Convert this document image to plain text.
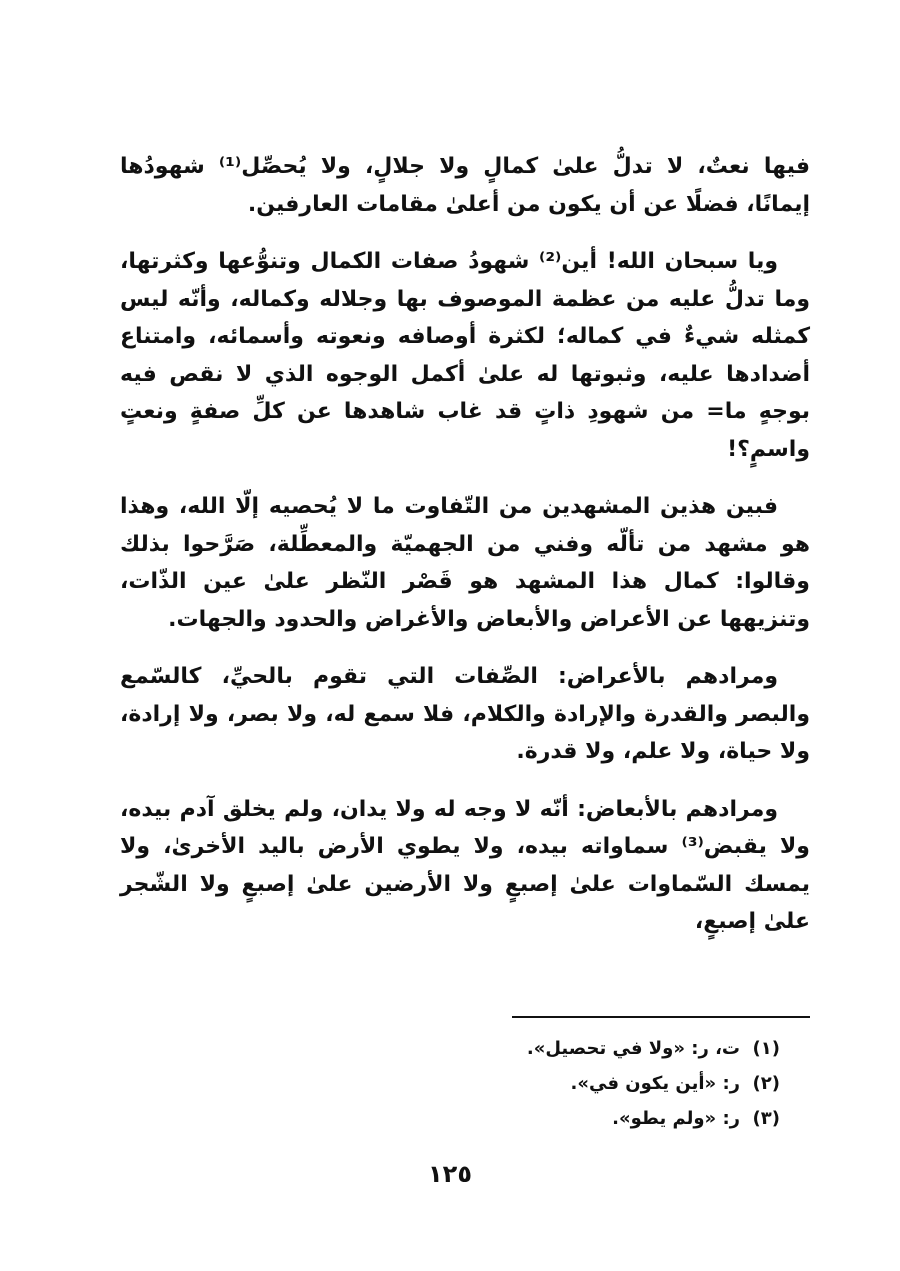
فيها نعتٌ، لا تدلُّ علىٰ كمالٍ ولا جلالٍ، ولا يُحصِّل⁽¹⁾ شهودُها إيمانًا، فضلًا عن أن يكون من أعلىٰ مقامات العارفين.

ويا سبحان الله! أين⁽²⁾ شهودُ صفات الكمال وتنوُّعها وكثرتها، وما تدلُّ عليه من عظمة الموصوف بها وجلاله وكماله، وأنّه ليس كمثله شيءٌ في كماله؛ لكثرة أوصافه ونعوته وأسمائه، وامتناع أضدادها عليه، وثبوتها له علىٰ أكمل الوجوه الذي لا نقص فيه بوجهٍ ما= من شهودِ ذاتٍ قد غاب شاهدها عن كلِّ صفةٍ ونعتٍ واسمٍ؟!

فبين هذين المشهدين من التّفاوت ما لا يُحصيه إلّا الله، وهذا هو مشهد من تألّه وفني من الجهميّة والمعطِّلة، صَرَّحوا بذلك وقالوا: كمال هذا المشهد هو قَصْر النّظر علىٰ عين الذّات، وتنزيهها عن الأعراض والأبعاض والأغراض والحدود والجهات.

ومرادهم بالأعراض: الصِّفات التي تقوم بالحيِّ، كالسّمع والبصر والقدرة والإرادة والكلام، فلا سمع له، ولا بصر، ولا إرادة، ولا حياة، ولا علم، ولا قدرة.

ومرادهم بالأبعاض: أنّه لا وجه له ولا يدان، ولم يخلق آدم بيده، ولا يقبض⁽³⁾ سماواته بيده، ولا يطوي الأرض باليد الأخرىٰ، ولا يمسك السّماوات علىٰ إصبعٍ ولا الأرضين علىٰ إصبعٍ ولا الشّجر علىٰ إصبعٍ،

(١)ت، ر: «ولا في تحصيل».
(٢)ر: «أين يكون في».
(٣)ر: «ولم يطو».
١٢٥
